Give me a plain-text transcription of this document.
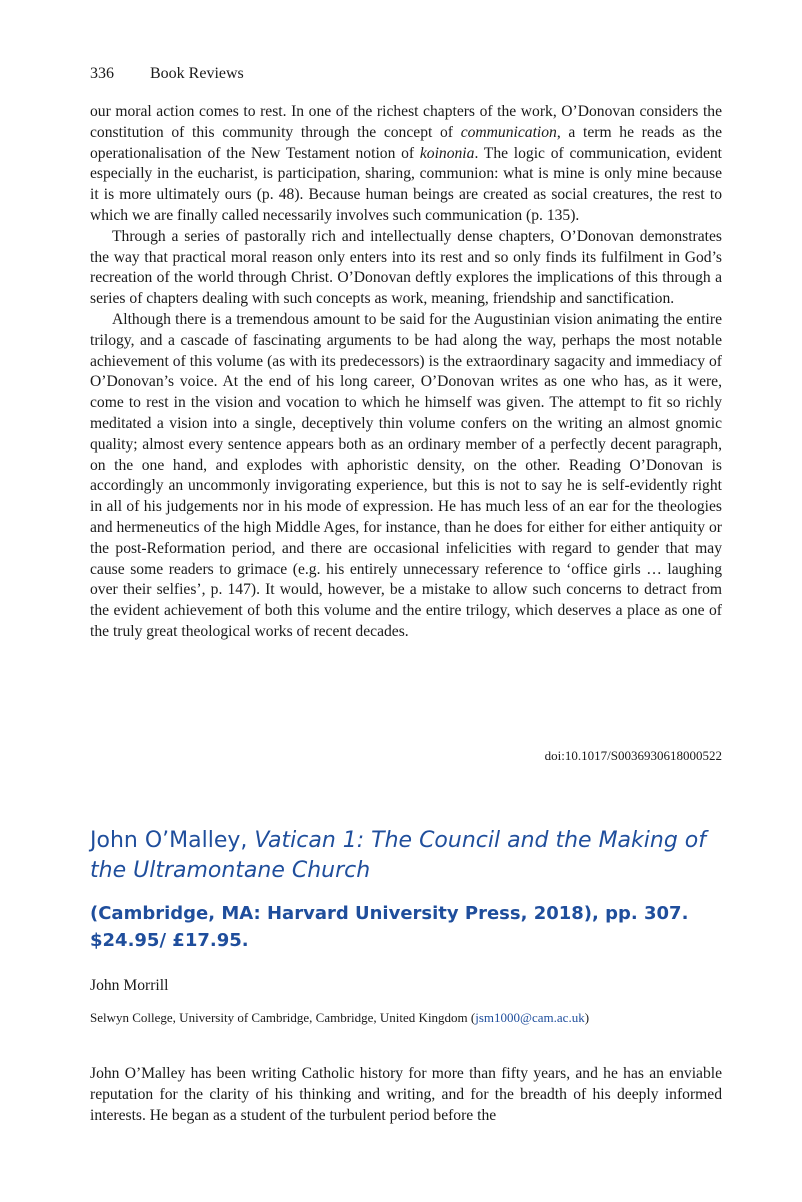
336 Book Reviews

our moral action comes to rest. In one of the richest chapters of the work, O’Donovan considers the constitution of this community through the concept of communication, a term he reads as the operationalisation of the New Testament notion of koinonia. The logic of communication, evident especially in the eucharist, is participation, sharing, communion: what is mine is only mine because it is more ultimately ours (p. 48). Because human beings are created as social creatures, the rest to which we are finally called necessarily involves such communication (p. 135).

Through a series of pastorally rich and intellectually dense chapters, O’Donovan demonstrates the way that practical moral reason only enters into its rest and so only finds its fulfilment in God’s recreation of the world through Christ. O’Donovan deftly explores the implications of this through a series of chapters dealing with such concepts as work, meaning, friendship and sanctification.

Although there is a tremendous amount to be said for the Augustinian vision animating the entire trilogy, and a cascade of fascinating arguments to be had along the way, perhaps the most notable achievement of this volume (as with its predecessors) is the extraordinary sagacity and immediacy of O’Donovan’s voice. At the end of his long career, O’Donovan writes as one who has, as it were, come to rest in the vision and vocation to which he himself was given. The attempt to fit so richly meditated a vision into a single, deceptively thin volume confers on the writing an almost gnomic quality; almost every sentence appears both as an ordinary member of a perfectly decent paragraph, on the one hand, and explodes with aphoristic density, on the other. Reading O’Donovan is accordingly an uncommonly invigorating experience, but this is not to say he is self-evidently right in all of his judgements nor in his mode of expression. He has much less of an ear for the theologies and hermeneutics of the high Middle Ages, for instance, than he does for either for either antiquity or the post-Reformation period, and there are occasional infelicities with regard to gender that may cause some readers to grimace (e.g. his entirely unnecessary reference to ‘office girls … laughing over their selfies’, p. 147). It would, however, be a mistake to allow such concerns to detract from the evident achievement of both this volume and the entire trilogy, which deserves a place as one of the truly great theological works of recent decades.

doi:10.1017/S0036930618000522
John O’Malley, Vatican 1: The Council and the Making of the Ultramontane Church
(Cambridge, MA: Harvard University Press, 2018), pp. 307. $24.95/ £17.95.
John Morrill
Selwyn College, University of Cambridge, Cambridge, United Kingdom (jsm1000@cam.ac.uk)

John O’Malley has been writing Catholic history for more than fifty years, and he has an enviable reputation for the clarity of his thinking and writing, and for the breadth of his deeply informed interests. He began as a student of the turbulent period before the
